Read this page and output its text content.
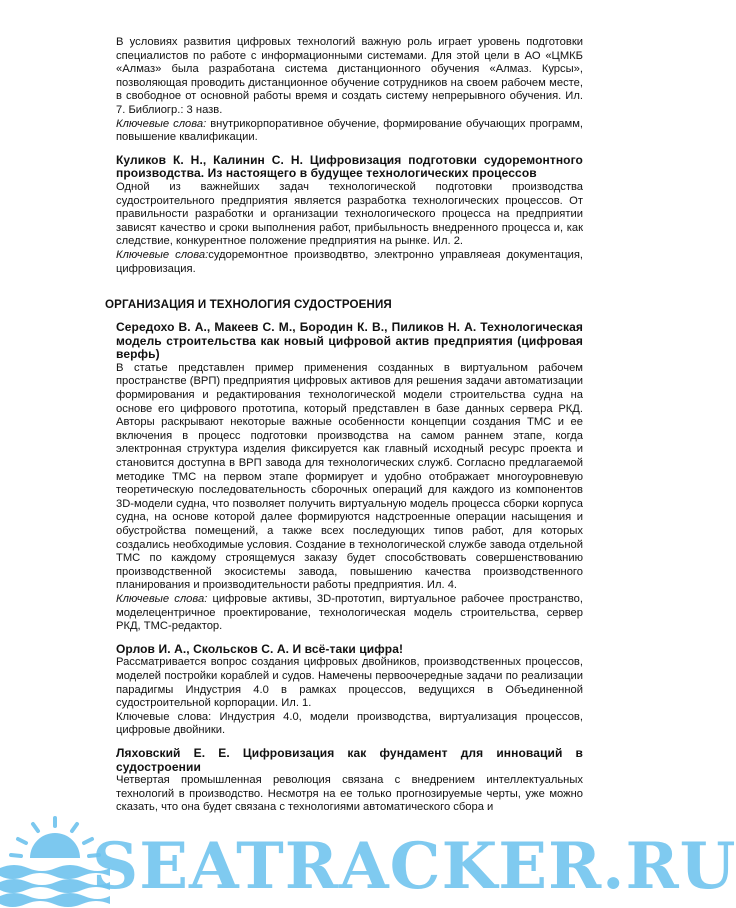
В условиях развития цифровых технологий важную роль играет уровень подготовки специалистов по работе с информационными системами. Для этой цели в АО «ЦМКБ «Алмаз» была разработана система дистанционного обучения «Алмаз. Курсы», позволяющая проводить дистанционное обучение сотрудников на своем рабочем месте, в свободное от основной работы время и создать систему непрерывного обучения. Ил. 7. Библиогр.: 3 назв.

Ключевые слова: внутрикорпоративное обучение, формирование обучающих программ, повышение квалификации.

Куликов К. Н., Калинин С. Н. Цифровизация подготовки судоремонтного производства. Из настоящего в будущее технологических процессов

Одной из важнейших задач технологической подготовки производства судостроительного предприятия является разработка технологических процессов. От правильности разработки и организации технологического процесса на предприятии зависят качество и сроки выполнения работ, прибыльность внедренного процесса и, как следствие, конкурентное положение предприятия на рынке. Ил. 2.

Ключевые слова:судоремонтное производвтво, электронно управляеая документация, цифровизация.

ОРГАНИЗАЦИЯ И ТЕХНОЛОГИЯ СУДОСТРОЕНИЯ

Середохо В. А., Макеев С. М., Бородин К. В., Пиликов Н. А. Технологическая модель строительства как новый цифровой актив предприятия (цифровая верфь)

В статье представлен пример применения созданных в виртуальном рабочем пространстве (ВРП) предприятия цифровых активов для решения задачи автоматизации формирования и редактирования технологической модели строительства судна на основе его цифрового прототипа, который представлен в базе данных сервера РКД. Авторы раскрывают некоторые важные особенности концепции создания ТМС и ее включения в процесс подготовки производства на самом раннем этапе, когда электронная структура изделия фиксируется как главный исходный ресурс проекта и становится доступна в ВРП завода для технологических служб. Согласно предлагаемой методике ТМС на первом этапе формирует и удобно отображает многоуровневую теоретическую последовательность сборочных операций для каждого из компонентов 3D-модели судна, что позволяет получить виртуальную модель процесса сборки корпуса судна, на основе которой далее формируются надстроенные операции насыщения и обустройства помещений, а также всех последующих типов работ, для которых создались необходимые условия. Создание в технологической службе завода отдельной ТМС по каждому строящемуся заказу будет способствовать совершенствованию производственной экосистемы завода, повышению качества производственного планирования и производительности работы предприятия. Ил. 4.

Ключевые слова: цифровые активы, 3D-прототип, виртуальное рабочее пространство, моделецентричное проектирование, технологическая модель строительства, сервер РКД, ТМС-редактор.

Орлов И. А., Скольсков С. А. И всё-таки цифра!

Рассматривается вопрос создания цифровых двойников, производственных процессов, моделей постройки кораблей и судов. Намечены первоочередные задачи по реализации парадигмы Индустрия 4.0 в рамках процессов, ведущихся в Объединенной судостроительной корпорации. Ил. 1.

Ключевые слова: Индустрия 4.0, модели производства, виртуализация процессов, цифровые двойники.

Ляховский Е. Е. Цифровизация как фундамент для инноваций в судостроении

Четвертая промышленная революция связана с внедрением интеллектуальных технологий в производство. Несмотря на ее только прогнозируемые черты, уже можно сказать, что она будет связана с технологиями автоматического сбора и

SEATRACKER.RU
